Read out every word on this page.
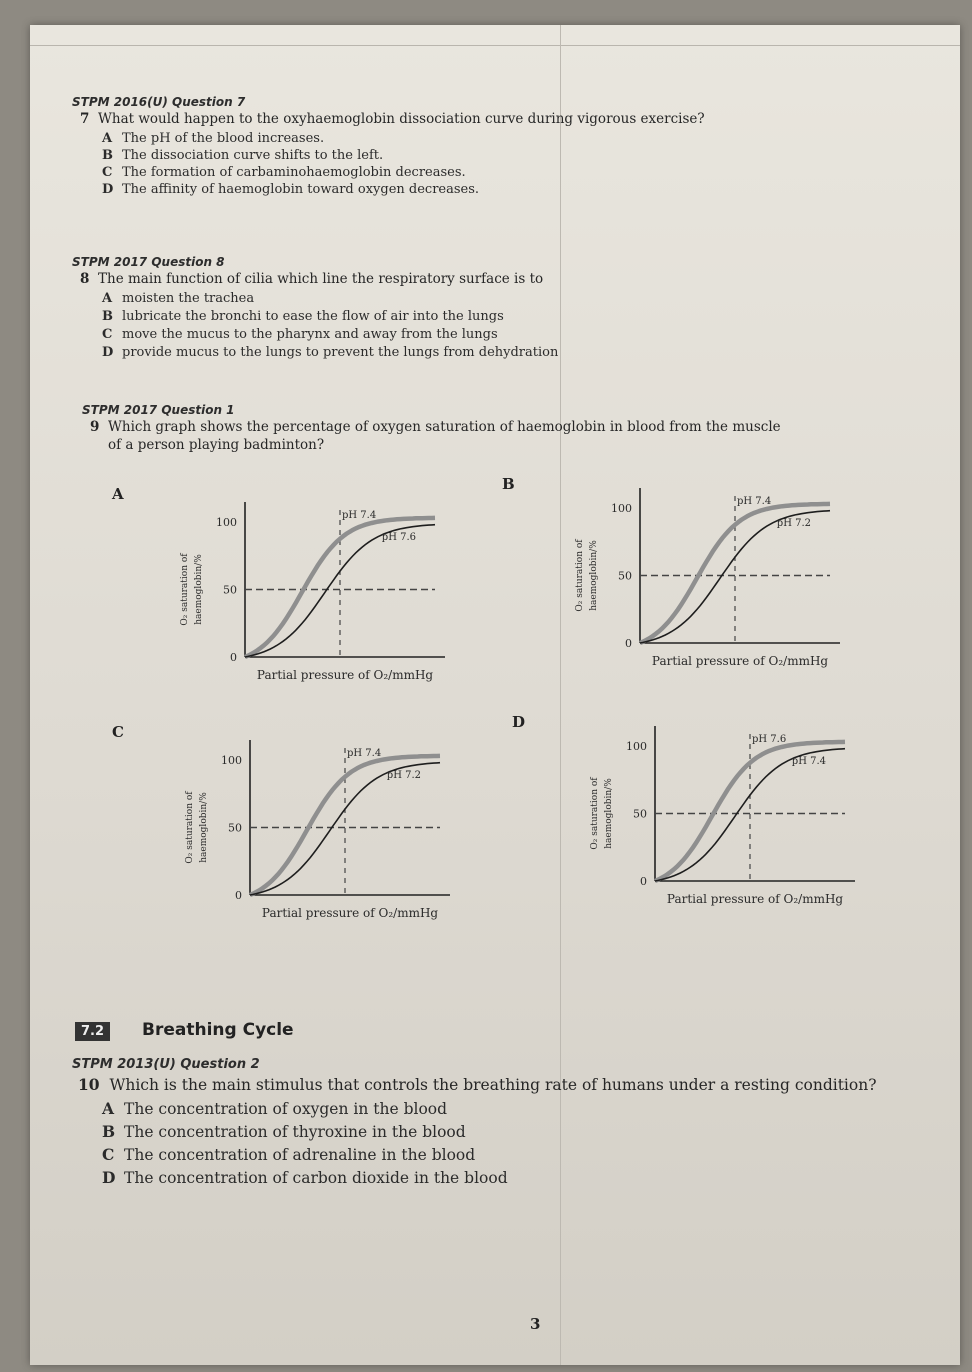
STPM 2016(U) Question 7
7 What would happen to the oxyhaemoglobin dissociation curve during vigorous exercise?
A The pH of the blood increases.
B The dissociation curve shifts to the left.
C The formation of carbaminohaemoglobin decreases.
D The affinity of haemoglobin toward oxygen decreases.
STPM 2017 Question 8
8 The main function of cilia which line the respiratory surface is to
A moisten the trachea
B lubricate the bronchi to ease the flow of air into the lungs
C move the mucus to the pharynx and away from the lungs
D provide mucus to the lungs to prevent the lungs from dehydration
STPM 2017 Question 1
9 Which graph shows the percentage of oxygen saturation of haemoglobin in blood from the muscle
of a person playing badminton?
A
B
C
D
O₂ saturation of haemoglobin/%
100
50
0
pH 7.4
pH 7.6
Partial pressure of O₂/mmHg
O₂ saturation of haemoglobin/%
100
50
0
pH 7.4
pH 7.2
Partial pressure of O₂/mmHg
O₂ saturation of haemoglobin/%
100
50
0
pH 7.4
pH 7.2
Partial pressure of O₂/mmHg
O₂ saturation of haemoglobin/%
100
50
0
pH 7.6
pH 7.4
Partial pressure of O₂/mmHg
7.2	Breathing Cycle
STPM 2013(U) Question 2
10 Which is the main stimulus that controls the breathing rate of humans under a resting condition?
A The concentration of oxygen in the blood
B The concentration of thyroxine in the blood
C The concentration of adrenaline in the blood
D The concentration of carbon dioxide in the blood
3
